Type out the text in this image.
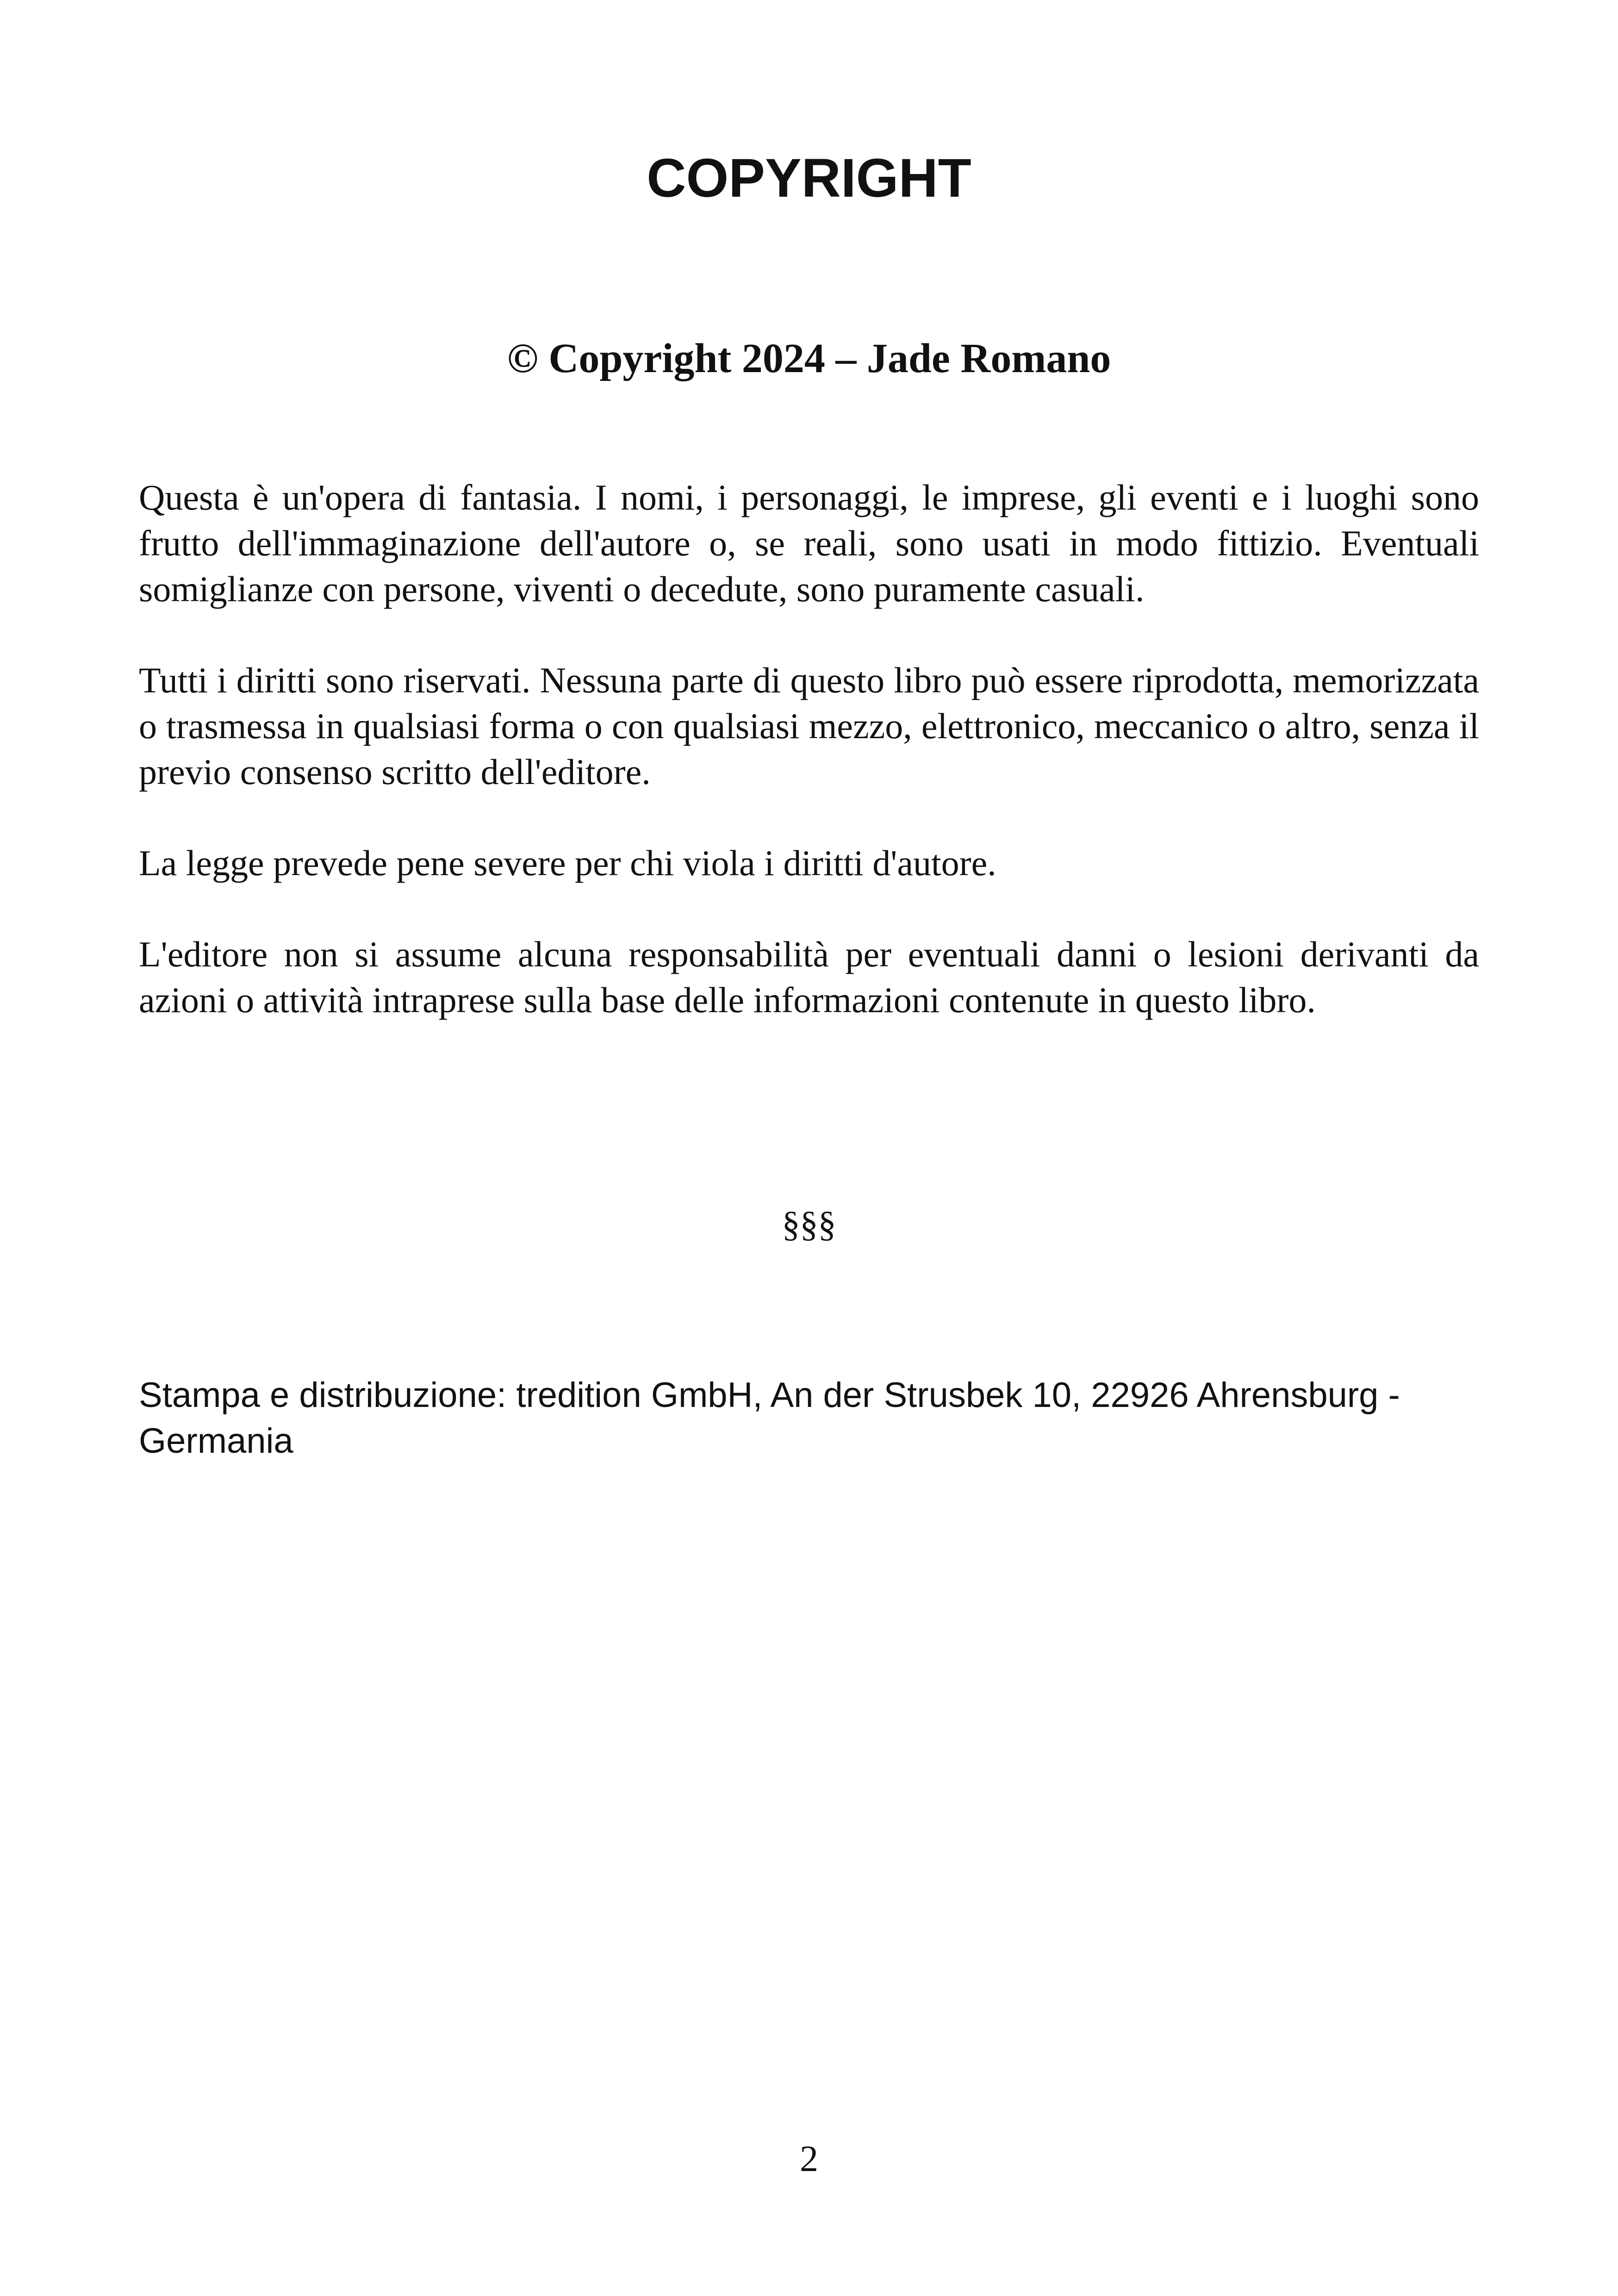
COPYRIGHT
© Copyright 2024 – Jade Romano

Questa è un'opera di fantasia. I nomi, i personaggi, le imprese, gli eventi e i luoghi sono frutto dell'immaginazione dell'autore o, se reali, sono usati in modo fittizio. Eventuali somiglianze con persone, viventi o decedute, sono puramente casuali.

Tutti i diritti sono riservati. Nessuna parte di questo libro può essere riprodotta, memorizzata o trasmessa in qualsiasi forma o con qualsiasi mezzo, elettronico, meccanico o altro, senza il previo consenso scritto dell'editore.

La legge prevede pene severe per chi viola i diritti d'autore.

L'editore non si assume alcuna responsabilità per eventuali danni o lesioni derivanti da azioni o attività intraprese sulla base delle informazioni contenute in questo libro.

§§§

Stampa e distribuzione: tredition GmbH, An der Strusbek 10, 22926 Ahrensburg - Germania

2
